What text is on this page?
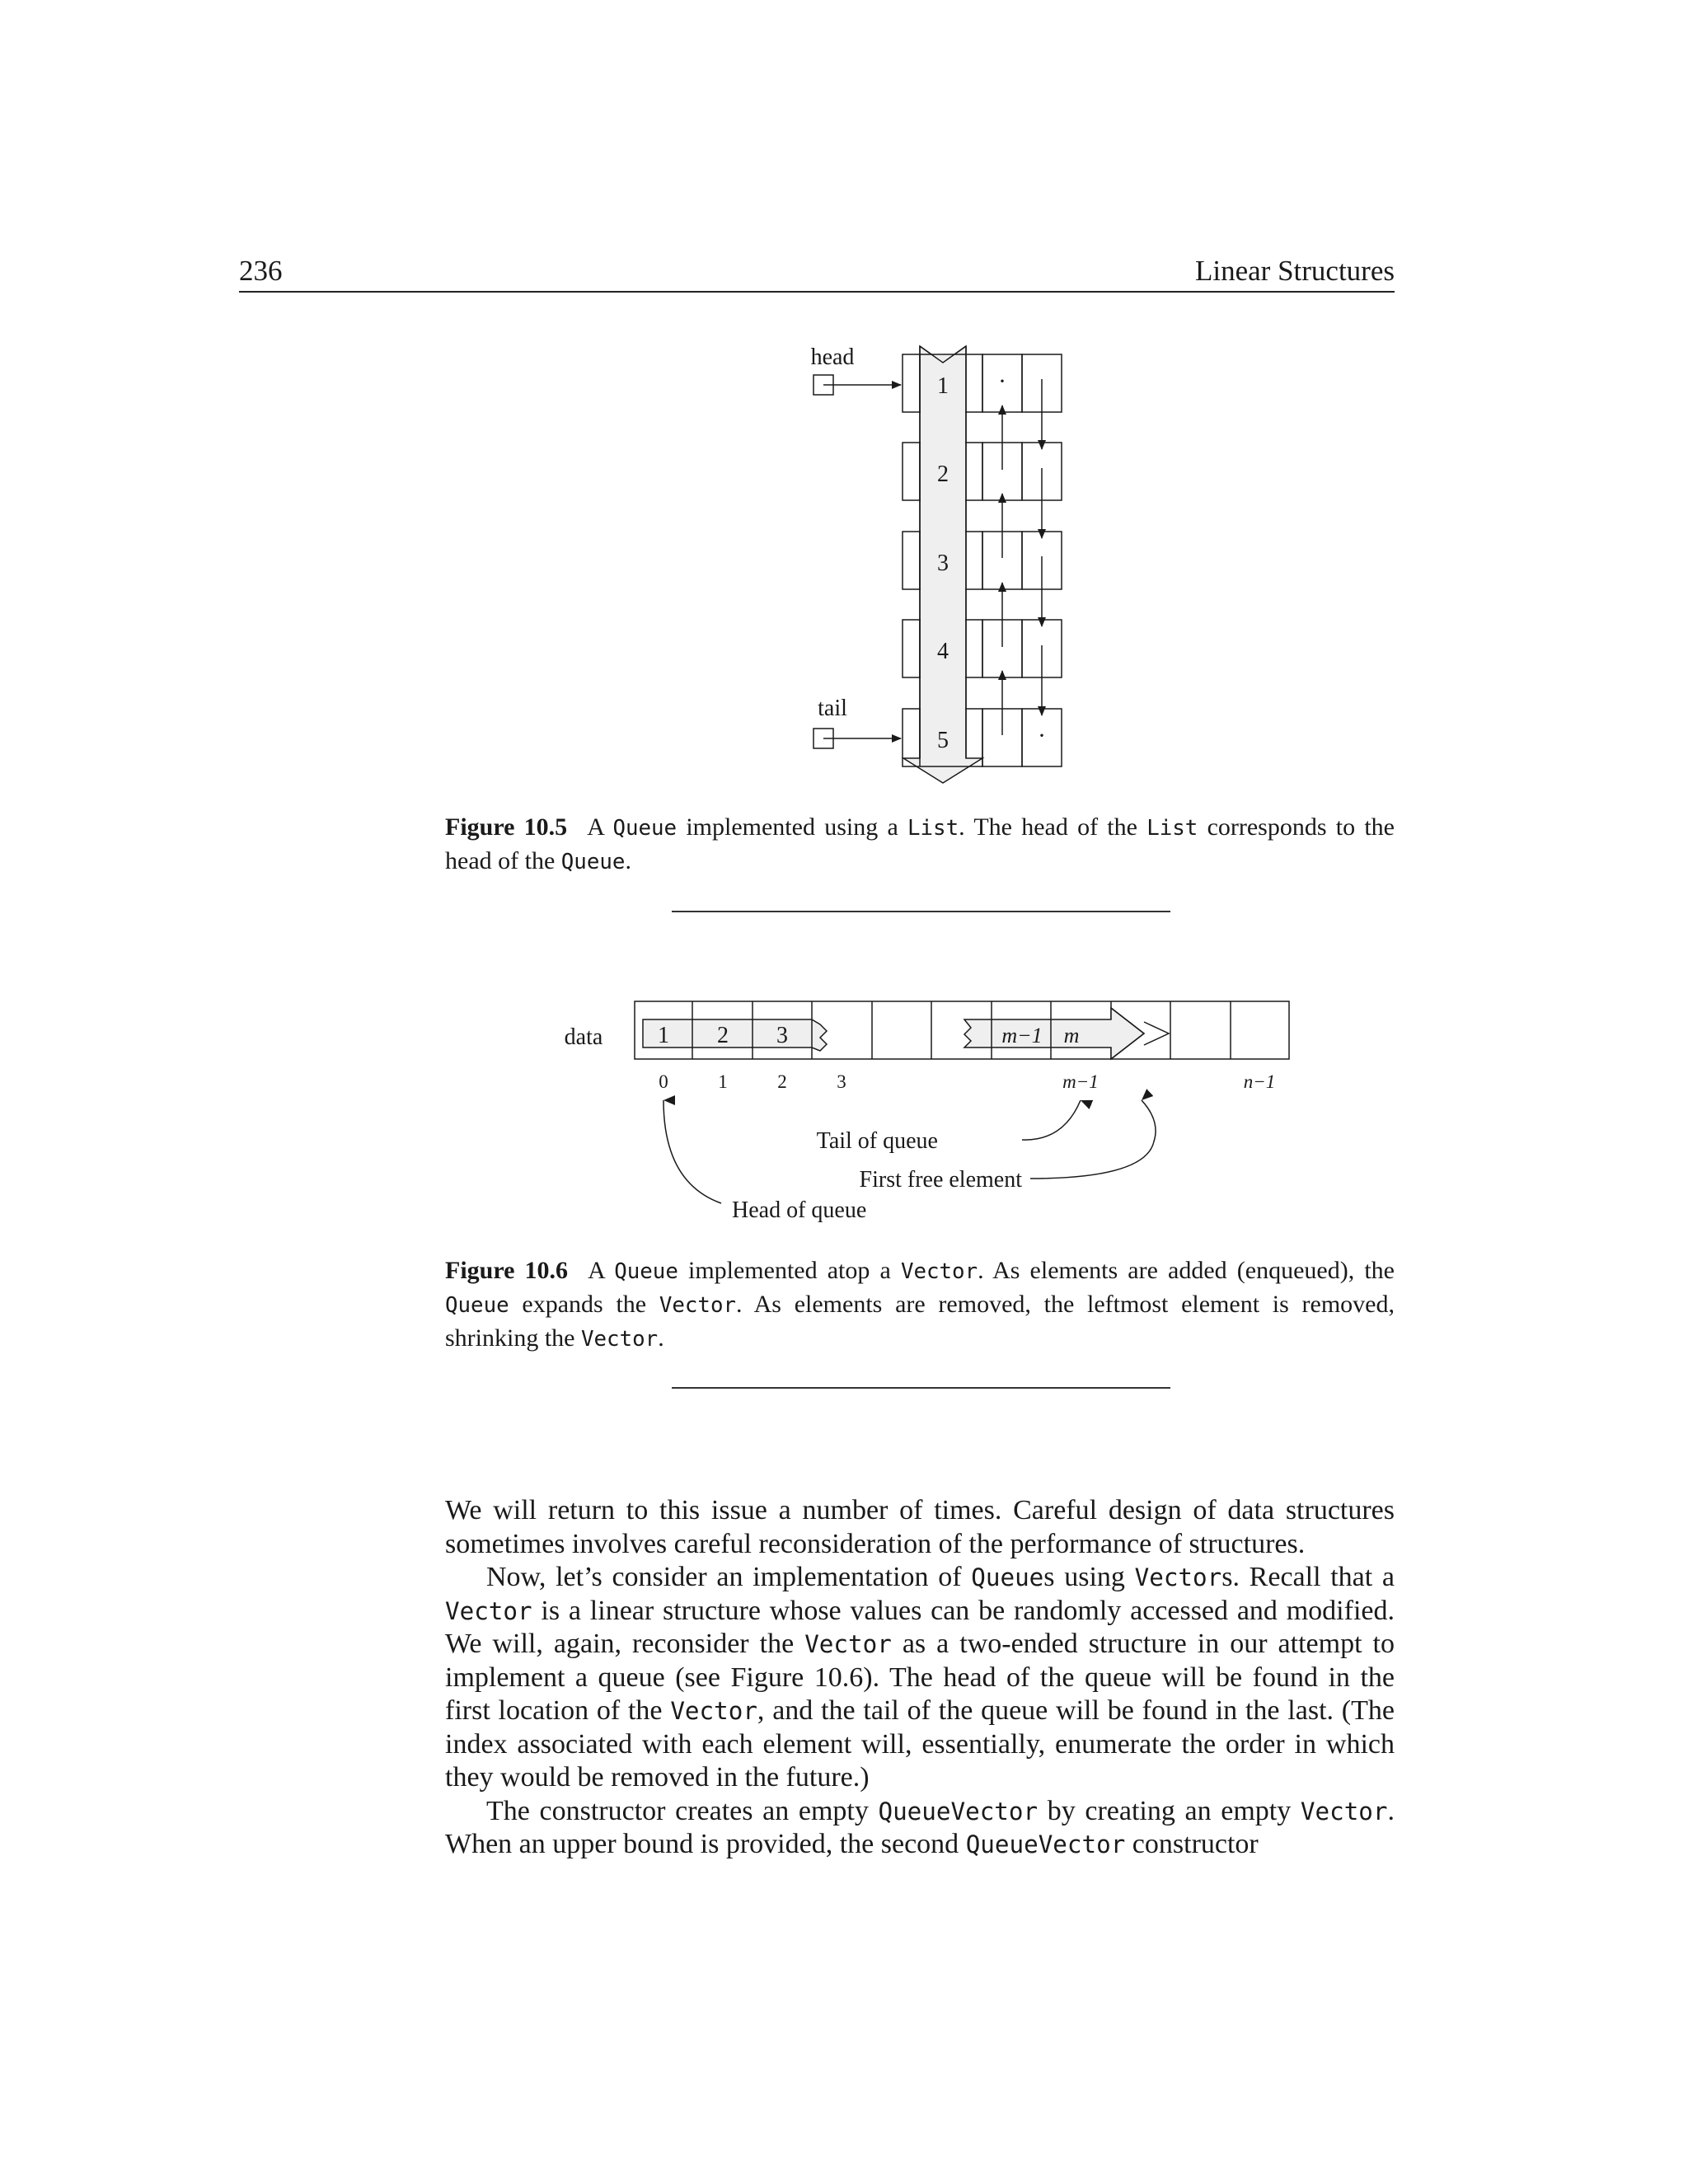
236	Linear Structures
1
2
3
4
5
·
·
head
tail
Figure 10.5 A Queue implemented using a List. The head of the List corresponds to the head of the Queue.
data 1 2 3	m−1 m
0	1	2	3	m−1	n−1
Tail of queue
First free element
Head of queue
Figure 10.6 A Queue implemented atop a Vector. As elements are added (enqueued), the Queue expands the Vector. As elements are removed, the leftmost element is removed, shrinking the Vector.

We will return to this issue a number of times. Careful design of data structures sometimes involves careful reconsideration of the performance of structures.

Now, let’s consider an implementation of Queues using Vectors. Recall that a Vector is a linear structure whose values can be randomly accessed and modified. We will, again, reconsider the Vector as a two-ended structure in our attempt to implement a queue (see Figure 10.6). The head of the queue will be found in the first location of the Vector, and the tail of the queue will be found in the last. (The index associated with each element will, essentially, enumerate the order in which they would be removed in the future.)

The constructor creates an empty QueueVector by creating an empty Vector. When an upper bound is provided, the second QueueVector constructor
